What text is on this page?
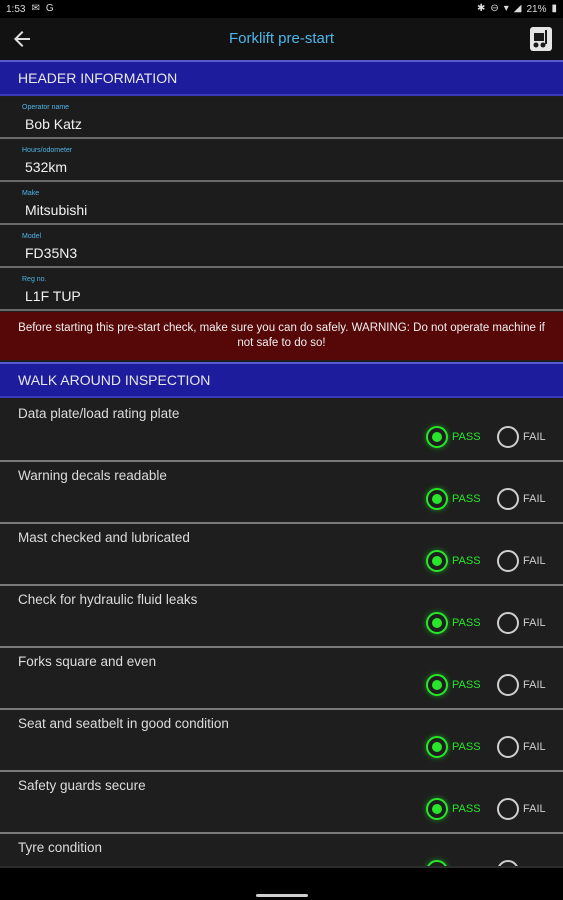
1:53 ✉ G	✱ ⊖ ▾ ◢ 21% ▮
Forklift pre-start
HEADER INFORMATION
Operator name
Bob Katz
Hours/odometer
532km
Make
Mitsubishi
Model
FD35N3
Reg no.
L1F TUP
Before starting this pre-start check, make sure you can do safely. WARNING: Do not operate machine if not safe to do so!
WALK AROUND INSPECTION
Data plate/load rating plate
PASS	FAIL
Warning decals readable
PASS	FAIL
Mast checked and lubricated
PASS	FAIL
Check for hydraulic fluid leaks
PASS	FAIL
Forks square and even
PASS	FAIL
Seat and seatbelt in good condition
PASS	FAIL
Safety guards secure
PASS	FAIL
Tyre condition
